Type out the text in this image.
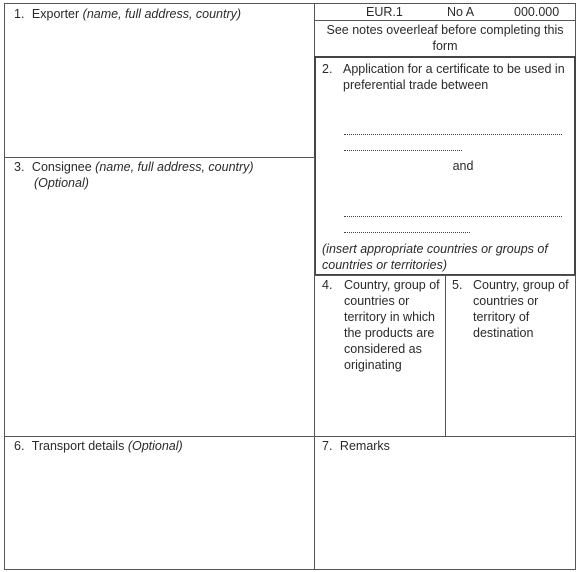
1. Exporter (name, full address, country)	EUR.1	No A	000.000
See notes oveerleaf before completing this form
2. Application for a certificate to be used in preferential trade between
and
(insert appropriate countries or groups of countries or territories)
3. Consignee (name, full address, country)
(Optional)
4. Country, group of countries or territory in which the products are considered as originating
5. Country, group of countries or territory of destination
6. Transport details (Optional)	7. Remarks
